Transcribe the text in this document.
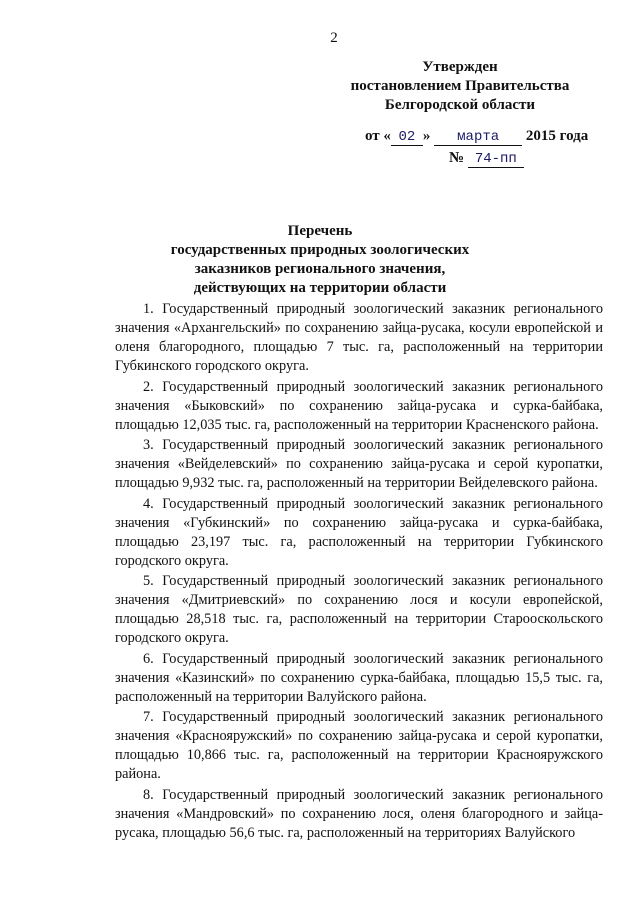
2
Утвержден
постановлением Правительства
Белгородской области
от « 02 » марта 2015 года
№ 74-пп
Перечень
государственных природных зоологических
заказников регионального значения,
действующих на территории области

1. Государственный природный зоологический заказник регионального значения «Архангельский» по сохранению зайца-русака, косули европейской и оленя благородного, площадью 7 тыс. га, расположенный на территории Губкинского городского округа.

2. Государственный природный зоологический заказник регионального значения «Быковский» по сохранению зайца-русака и сурка-байбака, площадью 12,035 тыс. га, расположенный на территории Красненского района.

3. Государственный природный зоологический заказник регионального значения «Вейделевский» по сохранению зайца-русака и серой куропатки, площадью 9,932 тыс. га, расположенный на территории Вейделевского района.

4. Государственный природный зоологический заказник регионального значения «Губкинский» по сохранению зайца-русака и сурка-байбака, площадью 23,197 тыс. га, расположенный на территории Губкинского городского округа.

5. Государственный природный зоологический заказник регионального значения «Дмитриевский» по сохранению лося и косули европейской, площадью 28,518 тыс. га, расположенный на территории Старооскольского городского округа.

6. Государственный природный зоологический заказник регионального значения «Казинский» по сохранению сурка-байбака, площадью 15,5 тыс. га, расположенный на территории Валуйского района.

7. Государственный природный зоологический заказник регионального значения «Краснояружский» по сохранению зайца-русака и серой куропатки, площадью 10,866 тыс. га, расположенный на территории Краснояружского района.

8. Государственный природный зоологический заказник регионального значения «Мандровский» по сохранению лося, оленя благородного и зайца-русака, площадью 56,6 тыс. га, расположенный на территориях Валуйского
